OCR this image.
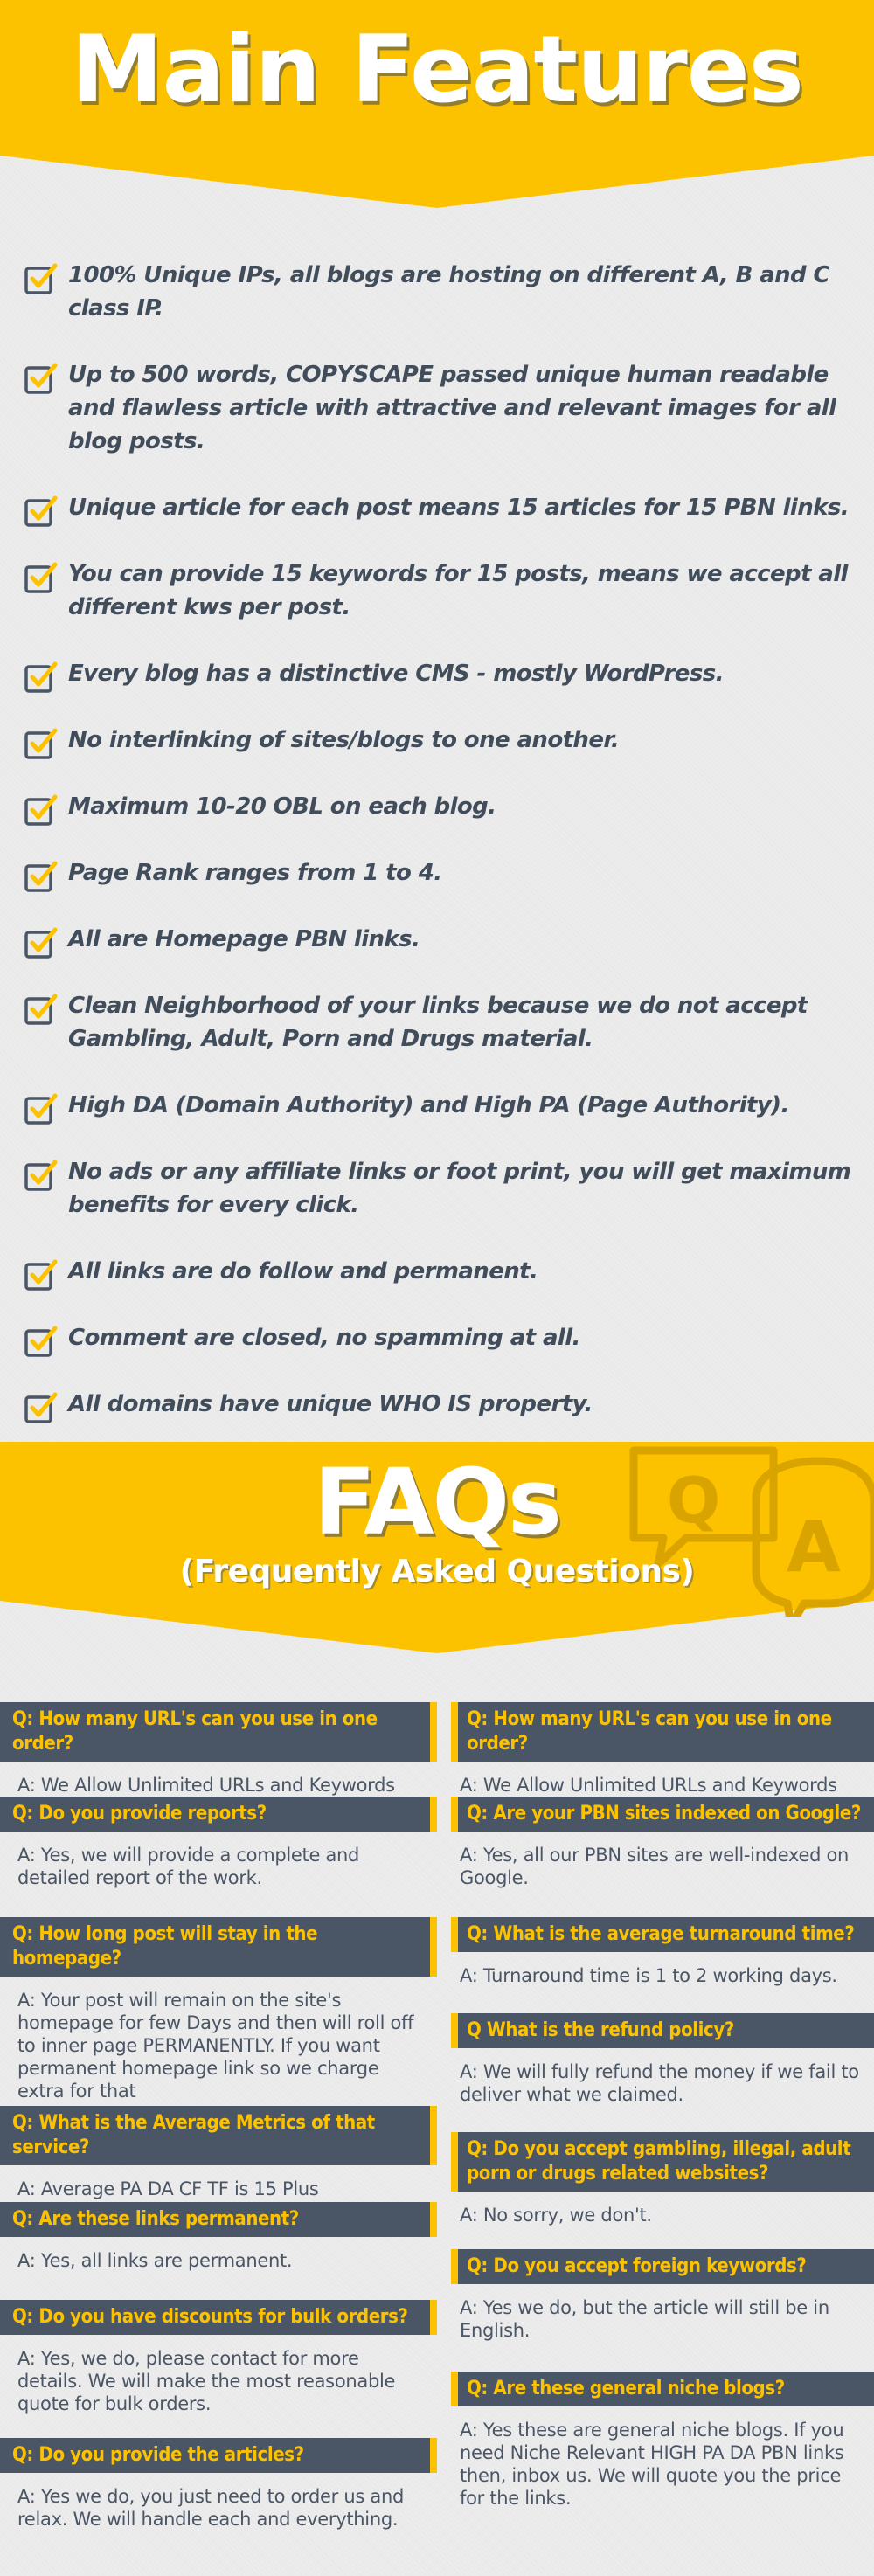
Main Features
100% Unique IPs, all blogs are hosting on different A, B and C class IP.
Up to 500 words, COPYSCAPE passed unique human readable and flawless article with attractive and relevant images for all blog posts.
Unique article for each post means 15 articles for 15 PBN links.
You can provide 15 keywords for 15 posts, means we accept all different kws per post.
Every blog has a distinctive CMS - mostly WordPress.
No interlinking of sites/blogs to one another.
Maximum 10-20 OBL on each blog.
Page Rank ranges from 1 to 4.
All are Homepage PBN links.
Clean Neighborhood of your links because we do not accept Gambling, Adult, Porn and Drugs material.
High DA (Domain Authority) and High PA (Page Authority).
No ads or any affiliate links or foot print, you will get maximum benefits for every click.
All links are do follow and permanent.
Comment are closed, no spamming at all.
All domains have unique WHO IS property.
Q
A
FAQs
(Frequently Asked Questions)
Q: How many URL's can you use in one order?
A: We Allow Unlimited URLs and Keywords
Q: Do you provide reports?
A: Yes, we will provide a complete and detailed report of the work.
Q: How long post will stay in the homepage?
A: Your post will remain on the site's homepage for few Days and then will roll off to inner page PERMANENTLY. If you want permanent homepage link so we charge extra for that
Q: What is the Average Metrics of that service?
A: Average PA DA CF TF is 15 Plus
Q: Are these links permanent?
A: Yes, all links are permanent.
Q: Do you have discounts for bulk orders?
A: Yes, we do, please contact for more details. We will make the most reasonable quote for bulk orders.
Q: Do you provide the articles?
A: Yes we do, you just need to order us and relax. We will handle each and everything.
Q: How many URL's can you use in one order?
A: We Allow Unlimited URLs and Keywords
Q: Are your PBN sites indexed on Google?
A: Yes, all our PBN sites are well-indexed on Google.
Q: What is the average turnaround time?
A: Turnaround time is 1 to 2 working days.
Q What is the refund policy?
A: We will fully refund the money if we fail to deliver what we claimed.
Q: Do you accept gambling, illegal, adult porn or drugs related websites?
A: No sorry, we don't.
Q: Do you accept foreign keywords?
A: Yes we do, but the article will still be in English.
Q: Are these general niche blogs?
A: Yes these are general niche blogs. If you need Niche Relevant HIGH PA DA PBN links then, inbox us. We will quote you the price for the links.
